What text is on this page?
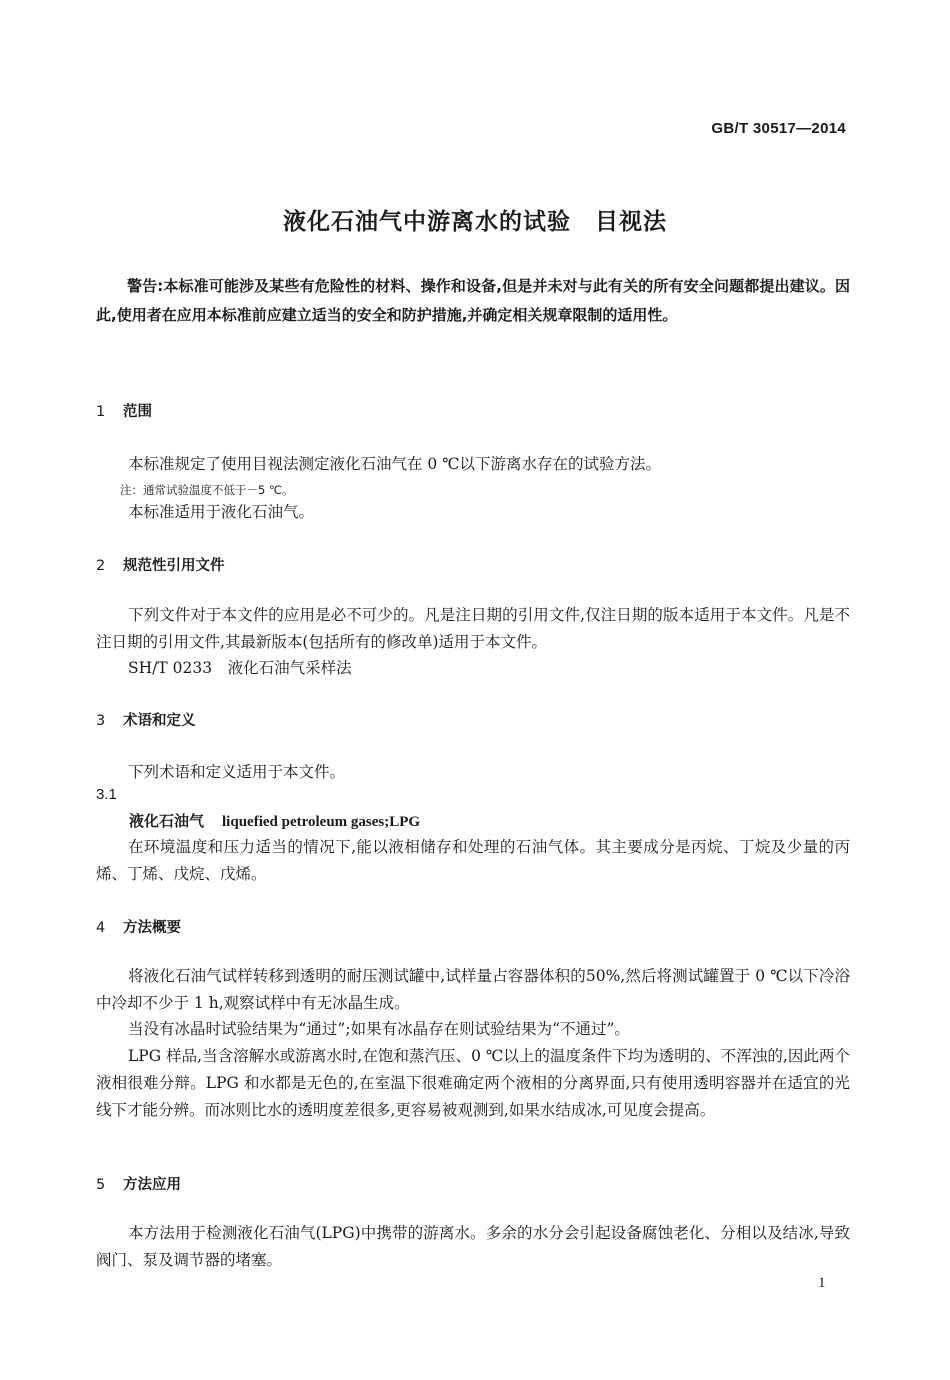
GB/T 30517—2014
液化石油气中游离水的试验　目视法
警告:本标准可能涉及某些有危险性的材料、操作和设备,但是并未对与此有关的所有安全问题都提出建议。因此,使用者在应用本标准前应建立适当的安全和防护措施,并确定相关规章限制的适用性。
1 范围
本标准规定了使用目视法测定液化石油气在 0 ℃以下游离水存在的试验方法。
注：通常试验温度不低于－5 ℃。
本标准适用于液化石油气。
2 规范性引用文件
下列文件对于本文件的应用是必不可少的。凡是注日期的引用文件,仅注日期的版本适用于本文件。凡是不注日期的引用文件,其最新版本(包括所有的修改单)适用于本文件。
SH/T 0233　液化石油气采样法
3 术语和定义
下列术语和定义适用于本文件。
3.1
液化石油气 liquefied petroleum gases;LPG
在环境温度和压力适当的情况下,能以液相储存和处理的石油气体。其主要成分是丙烷、丁烷及少量的丙烯、丁烯、戊烷、戊烯。
4 方法概要
将液化石油气试样转移到透明的耐压测试罐中,试样量占容器体积的50%,然后将测试罐置于 0 ℃以下冷浴中冷却不少于 1 h,观察试样中有无冰晶生成。
当没有冰晶时试验结果为“通过”;如果有冰晶存在则试验结果为“不通过”。
LPG 样品,当含溶解水或游离水时,在饱和蒸汽压、0 ℃以上的温度条件下均为透明的、不浑浊的,因此两个液相很难分辩。LPG 和水都是无色的,在室温下很难确定两个液相的分离界面,只有使用透明容器并在适宜的光线下才能分辨。而冰则比水的透明度差很多,更容易被观测到,如果水结成冰,可见度会提高。
5 方法应用
本方法用于检测液化石油气(LPG)中携带的游离水。多余的水分会引起设备腐蚀老化、分相以及结冰,导致阀门、泵及调节器的堵塞。
1
